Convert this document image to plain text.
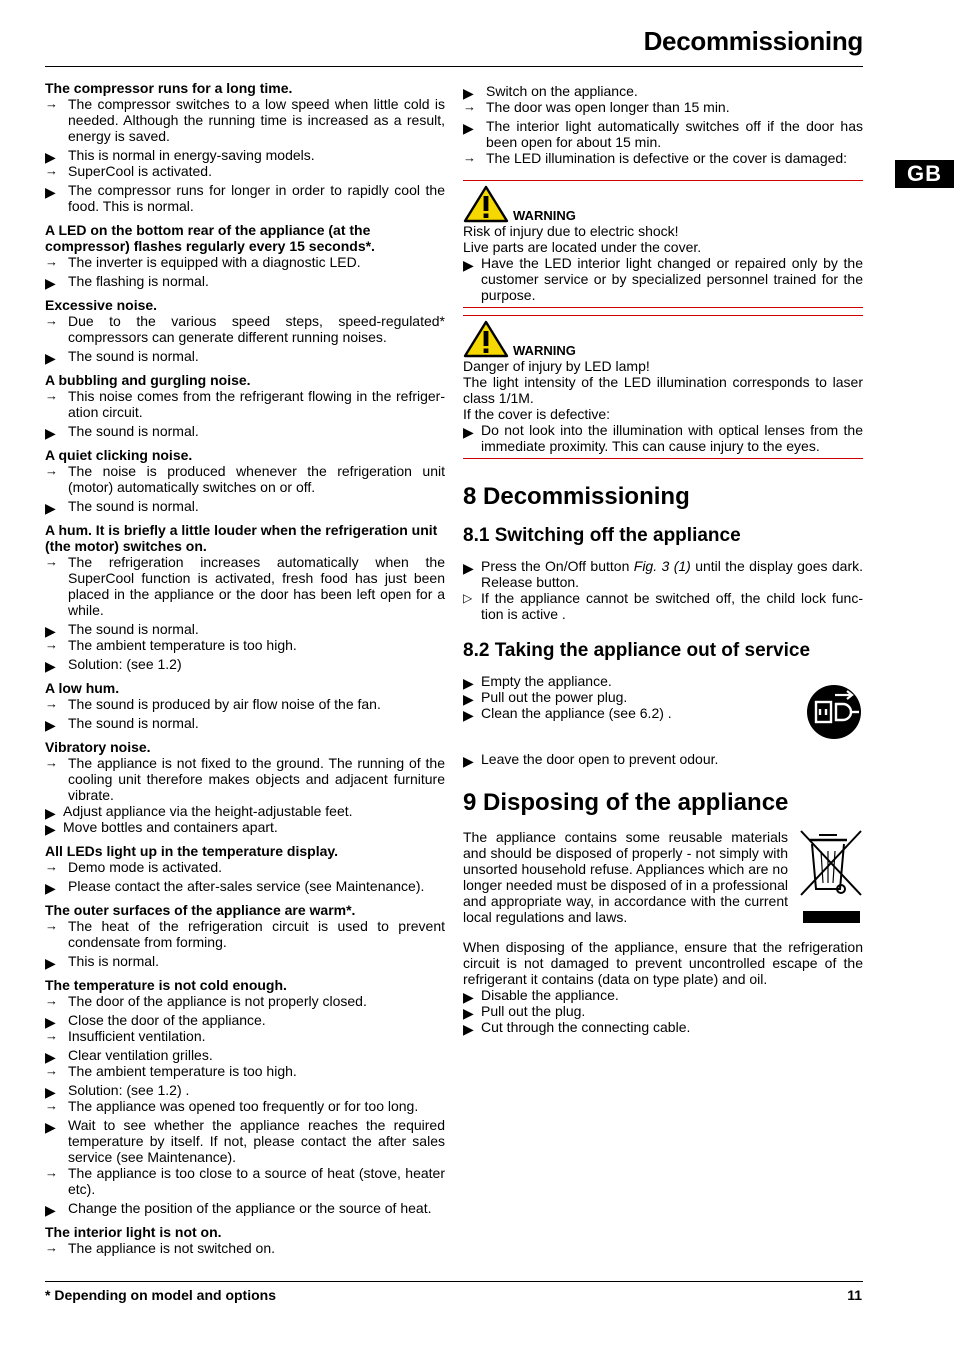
Decommissioning
GB
The compressor runs for a long time.
→ The compressor switches to a low speed when little cold is needed. Although the running time is increased as a result, energy is saved.
▶ This is normal in energy-saving models.
→ SuperCool is activated.
▶ The compressor runs for longer in order to rapidly cool the food. This is normal.
A LED on the bottom rear of the appliance (at the compressor) flashes regularly every 15 seconds*.
→ The inverter is equipped with a diagnostic LED.
▶ The flashing is normal.
Excessive noise.
→ Due to the various speed steps, speed-regulated* compressors can generate different running noises.
▶ The sound is normal.
A bubbling and gurgling noise.
→ This noise comes from the refrigerant flowing in the refriger-ation circuit.
▶ The sound is normal.
A quiet clicking noise.
→ The noise is produced whenever the refrigeration unit (motor) automatically switches on or off.
▶ The sound is normal.
A hum. It is briefly a little louder when the refrigeration unit (the motor) switches on.
→ The refrigeration increases automatically when the SuperCool function is activated, fresh food has just been placed in the appliance or the door has been left open for a while.
▶ The sound is normal.
→ The ambient temperature is too high.
▶ Solution: (see 1.2)
A low hum.
→ The sound is produced by air flow noise of the fan.
▶ The sound is normal.
Vibratory noise.
→ The appliance is not fixed to the ground. The running of the cooling unit therefore makes objects and adjacent furniture vibrate.
▶ Adjust appliance via the height-adjustable feet.
▶ Move bottles and containers apart.
All LEDs light up in the temperature display.
→ Demo mode is activated.
▶ Please contact the after-sales service (see Maintenance).
The outer surfaces of the appliance are warm*.
→ The heat of the refrigeration circuit is used to prevent condensate from forming.
▶ This is normal.
The temperature is not cold enough.
→ The door of the appliance is not properly closed.
▶ Close the door of the appliance.
→ Insufficient ventilation.
▶ Clear ventilation grilles.
→ The ambient temperature is too high.
▶ Solution: (see 1.2) .
→ The appliance was opened too frequently or for too long.
▶ Wait to see whether the appliance reaches the required temperature by itself. If not, please contact the after sales service (see Maintenance).
→ The appliance is too close to a source of heat (stove, heater etc).
▶ Change the position of the appliance or the source of heat.
The interior light is not on.
→ The appliance is not switched on.
▶ Switch on the appliance.
→ The door was open longer than 15 min.
▶ The interior light automatically switches off if the door has been open for about 15 min.
→ The LED illumination is defective or the cover is damaged:
WARNING

Risk of injury due to electric shock!

Live parts are located under the cover.

▶ Have the LED interior light changed or repaired only by the customer service or by specialized personnel trained for the purpose.
WARNING

Danger of injury by LED lamp!

The light intensity of the LED illumination corresponds to laser class 1/1M.

If the cover is defective:

▶ Do not look into the illumination with optical lenses from the immediate proximity. This can cause injury to the eyes.
8 Decommissioning
8.1 Switching off the appliance
▶ Press the On/Off button Fig. 3 (1) until the display goes dark. Release button.
▷ If the appliance cannot be switched off, the child lock func-tion is active .
8.2 Taking the appliance out of service
▶ Empty the appliance.
▶ Pull out the power plug.
▶ Clean the appliance (see 6.2) .
▶ Leave the door open to prevent odour.
9 Disposing of the appliance

The appliance contains some reusable materials and should be disposed of properly - not simply with unsorted household refuse. Appliances which are no longer needed must be disposed of in a professional and appropriate way, in accordance with the current local regulations and laws.

When disposing of the appliance, ensure that the refrigeration circuit is not damaged to prevent uncontrolled escape of the refrigerant it contains (data on type plate) and oil.

▶ Disable the appliance.
▶ Pull out the plug.
▶ Cut through the connecting cable.
* Depending on model and options	11
